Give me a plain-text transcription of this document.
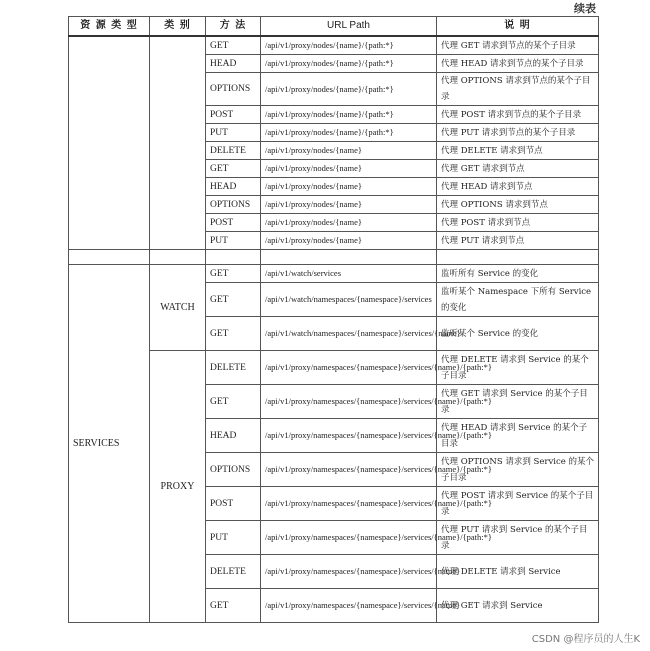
续表
资 源 类 型	类 别	方 法	URL Path	说 明
		GET	/api/v1/proxy/nodes/{name}/{path:*}	代理 GET 请求到节点的某个子目录
		HEAD	/api/v1/proxy/nodes/{name}/{path:*}	代理 HEAD 请求到节点的某个子目录
		OPTIONS	/api/v1/proxy/nodes/{name}/{path:*}	代理 OPTIONS 请求到节点的某个子目录
		POST	/api/v1/proxy/nodes/{name}/{path:*}	代理 POST 请求到节点的某个子目录
		PUT	/api/v1/proxy/nodes/{name}/{path:*}	代理 PUT 请求到节点的某个子目录
		DELETE	/api/v1/proxy/nodes/{name}	代理 DELETE 请求到节点
		GET	/api/v1/proxy/nodes/{name}	代理 GET 请求到节点
		HEAD	/api/v1/proxy/nodes/{name}	代理 HEAD 请求到节点
		OPTIONS	/api/v1/proxy/nodes/{name}	代理 OPTIONS 请求到节点
		POST	/api/v1/proxy/nodes/{name}	代理 POST 请求到节点
		PUT	/api/v1/proxy/nodes/{name}	代理 PUT 请求到节点

SERVICES	WATCH	GET	/api/v1/watch/services	监听所有 Service 的变化
		GET	/api/v1/watch/namespaces/{namespace}/services	监听某个 Namespace 下所有 Service 的变化
		GET	/api/v1/watch/namespaces/{namespace}/services/{name}	监听某个 Service 的变化
	PROXY	DELETE	/api/v1/proxy/namespaces/{namespace}/services/{name}/{path:*}	代理 DELETE 请求到 Service 的某个子目录
		GET	/api/v1/proxy/namespaces/{namespace}/services/{name}/{path:*}	代理 GET 请求到 Service 的某个子目录
		HEAD	/api/v1/proxy/namespaces/{namespace}/services/{name}/{path:*}	代理 HEAD 请求到 Service 的某个子目录
		OPTIONS	/api/v1/proxy/namespaces/{namespace}/services/{name}/{path:*}	代理 OPTIONS 请求到 Service 的某个子目录
		POST	/api/v1/proxy/namespaces/{namespace}/services/{name}/{path:*}	代理 POST 请求到 Service 的某个子目录
		PUT	/api/v1/proxy/namespaces/{namespace}/services/{name}/{path:*}	代理 PUT 请求到 Service 的某个子目录
		DELETE	/api/v1/proxy/namespaces/{namespace}/services/{name}	代理 DELETE 请求到 Service
		GET	/api/v1/proxy/namespaces/{namespace}/services/{name}	代理 GET 请求到 Service
CSDN @程序员的人生K
